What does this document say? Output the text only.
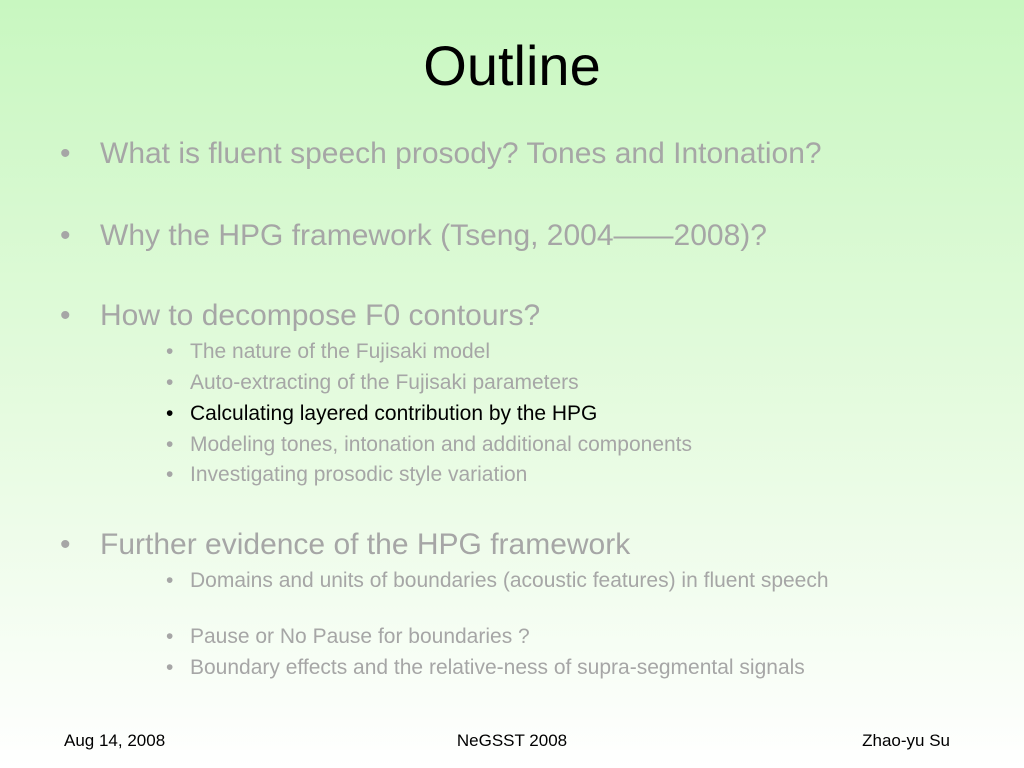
Outline
• What is fluent speech prosody? Tones and Intonation?
• Why the HPG framework (Tseng, 2004——2008)?
• How to decompose F0 contours?
• The nature of the Fujisaki model
• Auto-extracting of the Fujisaki parameters
• Calculating layered contribution by the HPG
• Modeling tones, intonation and additional components
• Investigating prosodic style variation
• Further evidence of the HPG framework
• Domains and units of boundaries (acoustic features) in fluent speech
• Pause or No Pause for boundaries ?
• Boundary effects and the relative-ness of supra-segmental signals
Aug 14, 2008	NeGSST 2008	Zhao-yu Su
